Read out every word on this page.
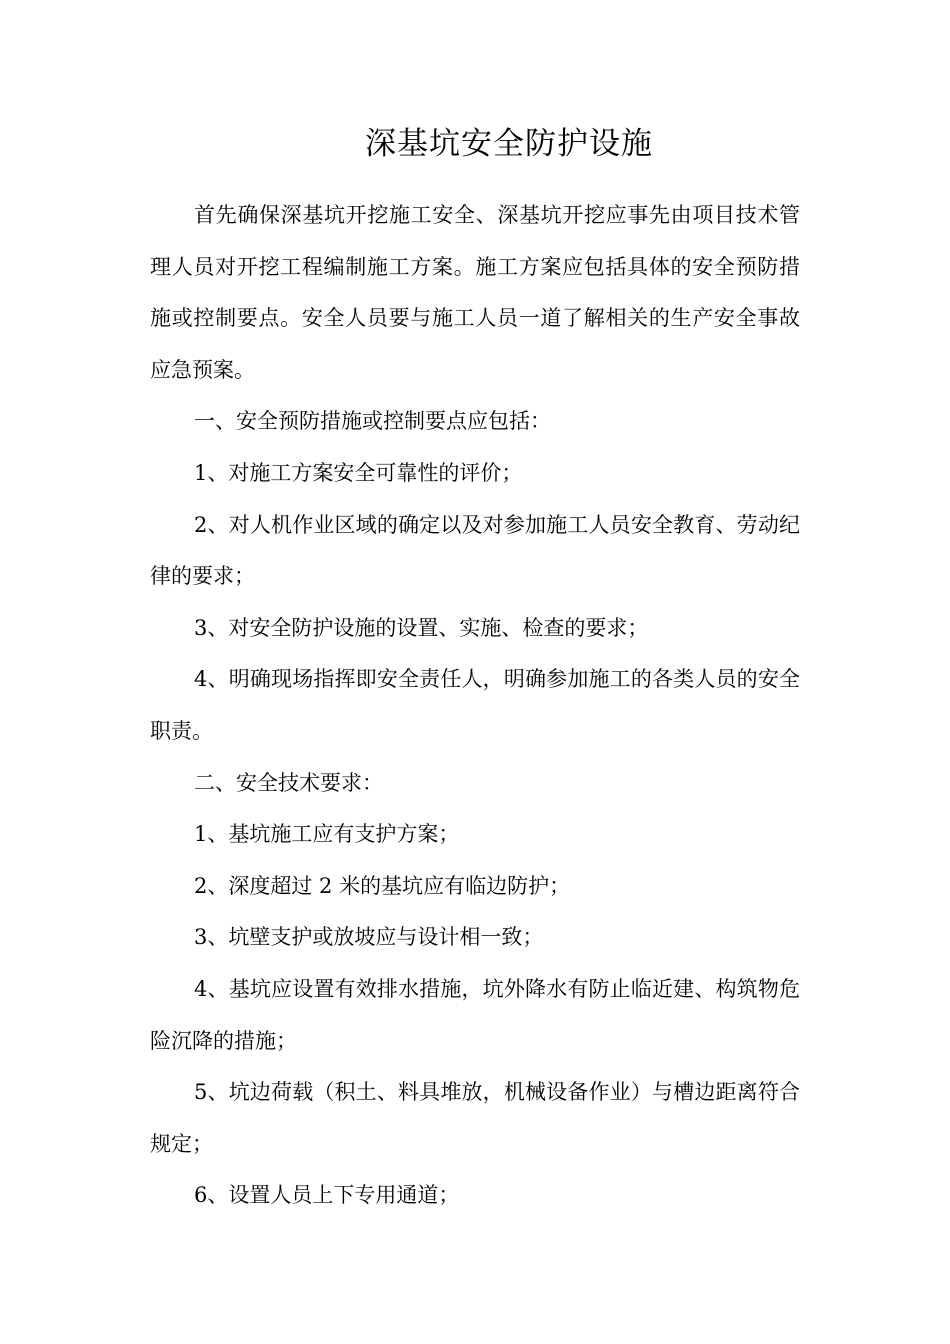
深基坑安全防护设施

首先确保深基坑开挖施工安全、深基坑开挖应事先由项目技术管理人员对开挖工程编制施工方案。施工方案应包括具体的安全预防措施或控制要点。安全人员要与施工人员一道了解相关的生产安全事故应急预案。

一、安全预防措施或控制要点应包括：

1、对施工方案安全可靠性的评价；

2、对人机作业区域的确定以及对参加施工人员安全教育、劳动纪律的要求；

3、对安全防护设施的设置、实施、检查的要求；

4、明确现场指挥即安全责任人，明确参加施工的各类人员的安全职责。

二、安全技术要求：

1、基坑施工应有支护方案；

2、深度超过 2 米的基坑应有临边防护；

3、坑壁支护或放坡应与设计相一致；

4、基坑应设置有效排水措施，坑外降水有防止临近建、构筑物危险沉降的措施；

5、坑边荷载（积土、料具堆放，机械设备作业）与槽边距离符合规定；

6、设置人员上下专用通道；
